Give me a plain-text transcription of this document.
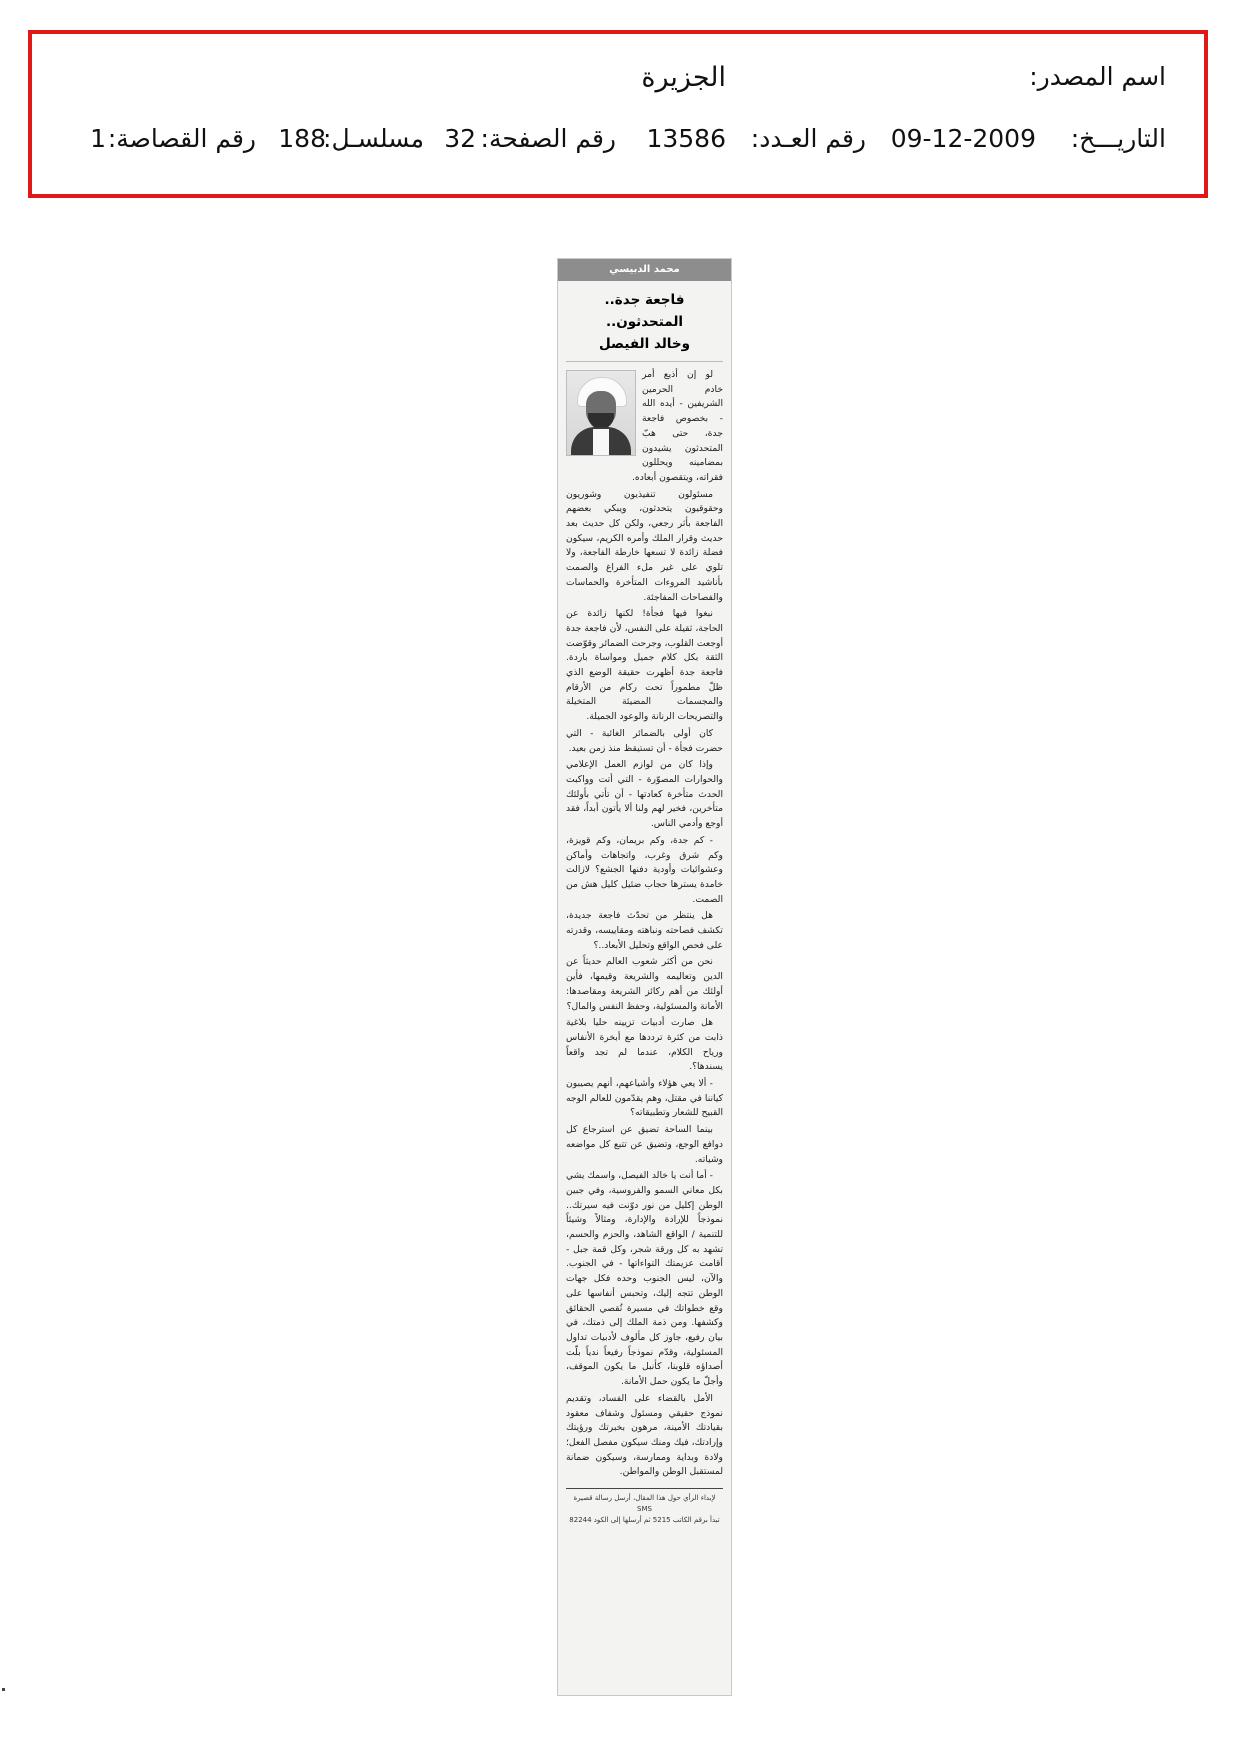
اسم المصدر:
الجزيرة
التاريـــخ:
09-12-2009
رقم العـدد:
13586
رقم الصفحة:
32
مسلسـل:
188
رقم القصاصة:
1
محمد الدبيسي
فاجعة جدة.. المتحدثون..
وخالد الفيصل

لو إن أذيع أمر خادم الحرمين الشريفين - أيده الله - بخصوص فاجعة جدة، حتى هبّ المتحدثون يشيدون بمضامينه ويحللون فقراته، ويتقصون أبعاده.

مسئولون تنفيذيون وشوريون وحقوقيون يتحدثون، ويبكي بعضهم الفاجعة بأثر رجعي، ولكن كل حديث بعد حديث وقرار الملك وأمره الكريم، سيكون فضلة زائدة لا تسعها خارطة الفاجعة، ولا تلوي على غير ملء الفراغ والصمت بأناشيد المروءات المتأخرة والحماسات والفصاحات المفاجئة.

نبغوا فيها فجأة! لكنها زائدة عن الحاجة، ثقيلة على النفس، لأن فاجعة جدة أوجعت القلوب، وجرحت الضمائر وقوّضت الثقة بكل كلام جميل ومواساة باردة. فاجعة جدة أظهرت حقيقة الوضع الذي ظلّ مطموراً تحت ركام من الأرقام والمجسمات المضيئة المتخيلة والتصريحات الرنانة والوعود الجميلة.

كان أولى بالضمائر الغائبة - التي حضرت فجأة - أن تستيقظ منذ زمن بعيد.

وإذا كان من لوازم العمل الإعلامي والحوارات المصوّرة - التي أتت وواكبت الحدث متأخرة كعادتها - أن تأتي بأولئك متأخرين، فخير لهم ولنا ألا يأتون أبداً، فقد أوجع وأدمي الناس.

- كم جدة، وكم بريمان، وكم قويزة، وكم شرق وغرب، واتجاهات وأماكن وعشوائيات وأودية دفنها الجشع؟ لازالت خامدة يسترها حجاب ضئيل كليل هش من الصمت.

هل ينتظر من تحدّث فاجعة جديدة، تكشف فصاحته ونباهته ومقاييسه، وقدرته على فحص الواقع وتحليل الأبعاد..؟

نحن من أكثر شعوب العالم حديثاً عن الدين وتعاليمه والشريعة وقيمها، فأين أولئك من أهم ركائز الشريعة ومقاصدها: الأمانة والمسئولية، وحفظ النفس والمال؟

هل صارت أدبيات تزيينه حليا بلاغية ذابت من كثرة ترددها مع أبخرة الأنفاس ورياح الكلام، عندما لم تجد واقعاً يسندها؟.

- ألا يعي هؤلاء وأشياعهم، أنهم يصيبون كياننا في مقتل، وهم يقدّمون للعالم الوجه القبيح للشعار وتطبيقاته؟

بينما الساحة تضيق عن استرجاع كل دوافع الوجع، وتضيق عن تتبع كل مواضعه وشياته.

- أما أنت يا خالد الفيصل، واسمك يشي بكل معاني السمو والفروسية، وفي جبين الوطن إكليل من نور دوّنت فيه سيرتك.. نموذجاً للإرادة والإدارة، ومثالاً وشيئاً للتنمية / الواقع الشاهد، والحزم والحسم، تشهد به كل ورقة شجر، وكل قمة جبل - أقامت عزيمتك التواءاتها - في الجنوب. والآن، ليس الجنوب وحده فكل جهات الوطن تتجه إليك، وتحبس أنفاسها على وقع خطواتك في مسيرة تُقصي الحقائق وكشفها. ومن ذمة الملك إلى ذمتك، في بيان رفيع، جاوز كل مألوف لأدبيات تداول المسئولية، وقدّم نموذجاً رفيعاً ندياً بلّت أصداؤه قلوبنا، كأنبل ما يكون الموقف، وأجلّ ما يكون حمل الأمانة.

الأمل بالقضاء على الفساد، وتقديم نموذج حقيقي ومسئول وشفاف معقود بقيادتك الأمينة، مرهون بخبرتك ورؤيتك وإرادتك، فيك ومنك سيكون مفصل الفعل؛ ولادة وبداية وممارسة، وسيكون ضمانة لمستقبل الوطن والمواطن.

لإبداء الرأي حول هذا المقال، أرسل رسالة قصيرة SMS
تبدأ برقم الكاتب 5215 ثم أرسلها إلى الكود 82244
